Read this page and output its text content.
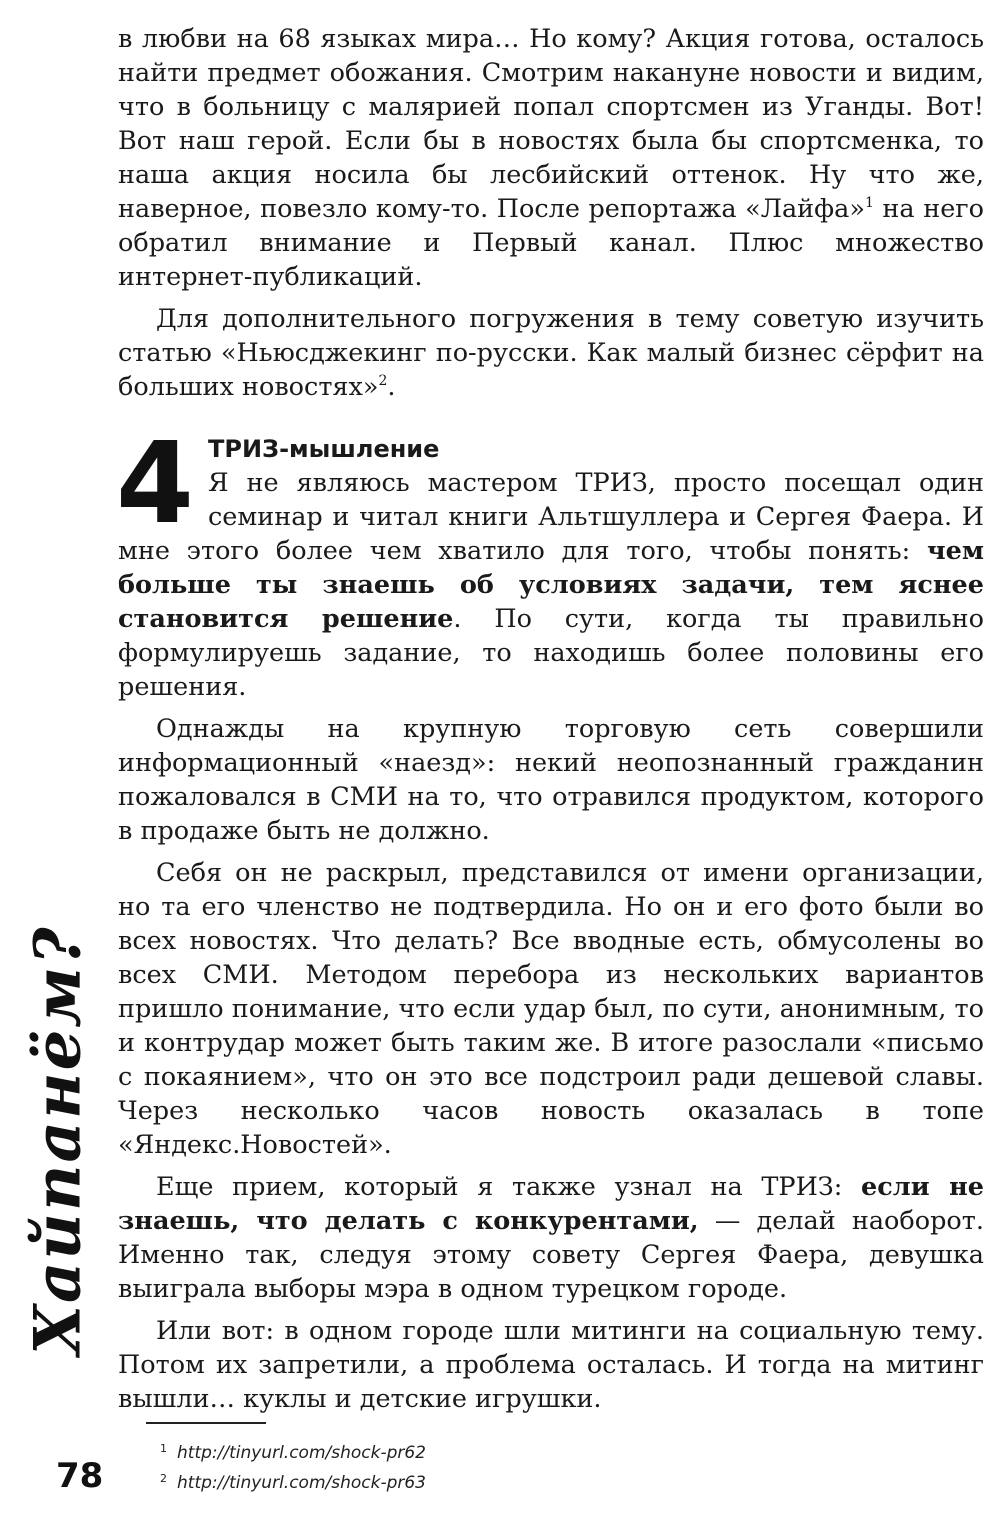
в любви на 68 языках мира… Но кому? Акция готова, осталось найти предмет обожания. Смотрим накануне новости и видим, что в больницу с малярией попал спортсмен из Уганды. Вот! Вот наш герой. Если бы в новостях была бы спортсменка, то наша акция носила бы лесбийский оттенок. Ну что же, наверное, повезло кому-то. После репортажа «Лайфа»$^1$ на него обратил внимание и Первый канал. Плюс множество интернет-публикаций.

Для дополнительного погружения в тему советую изучить статью «Ньюсджекинг по-русски. Как малый бизнес сёрфит на больших новостях»$^2$.

4 ТРИЗ-мышление

Я не являюсь мастером ТРИЗ, просто посещал один семинар и читал книги Альтшуллера и Сергея Фаера. И мне этого более чем хватило для того, чтобы понять: чем больше ты знаешь об условиях задачи, тем яснее становится решение. По сути, когда ты правильно формулируешь задание, то находишь более половины его решения.

Однажды на крупную торговую сеть совершили информационный «наезд»: некий неопознанный гражданин пожаловался в СМИ на то, что отравился продуктом, которого в продаже быть не должно.

Себя он не раскрыл, представился от имени организации, но та его членство не подтвердила. Но он и его фото были во всех новостях. Что делать? Все вводные есть, обмусолены во всех СМИ. Методом перебора из нескольких вариантов пришло понимание, что если удар был, по сути, анонимным, то и контрудар может быть таким же. В итоге разослали «письмо с покаянием», что он это все подстроил ради дешевой славы. Через несколько часов новость оказалась в топе «Яндекс.Новостей».

Еще прием, который я также узнал на ТРИЗ: если не знаешь, что делать с конкурентами, — делай наоборот. Именно так, следуя этому совету Сергея Фаера, девушка выиграла выборы мэра в одном турецком городе.

Или вот: в одном городе шли митинги на социальную тему. Потом их запретили, а проблема осталась. И тогда на митинг вышли… куклы и детские игрушки.

Хайпанём?
$^1$ http://tinyurl.com/shock-pr62
$^2$ http://tinyurl.com/shock-pr63
78
